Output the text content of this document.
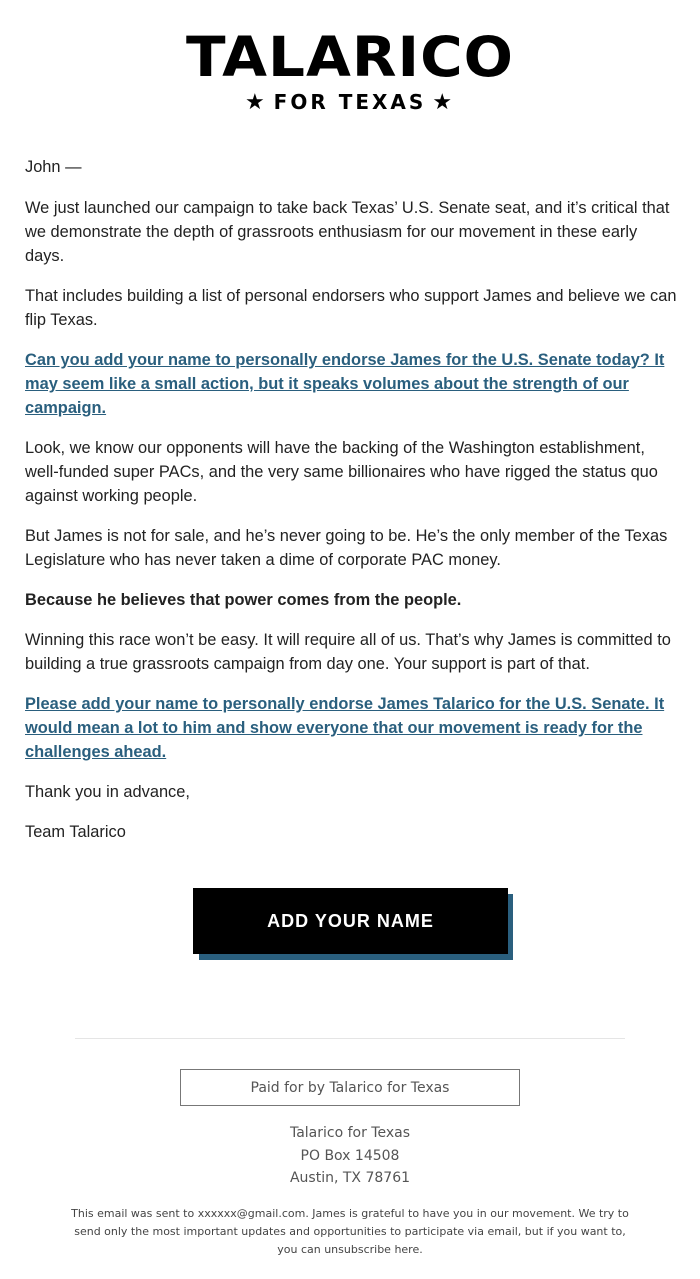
TALARICO
★ FOR TEXAS ★

John —

We just launched our campaign to take back Texas’ U.S. Senate seat, and it’s critical that we demonstrate the depth of grassroots enthusiasm for our movement in these early days.

That includes building a list of personal endorsers who support James and believe we can flip Texas.

Can you add your name to personally endorse James for the U.S. Senate today? It may seem like a small action, but it speaks volumes about the strength of our campaign.

Look, we know our opponents will have the backing of the Washington establishment, well-funded super PACs, and the very same billionaires who have rigged the status quo against working people.

But James is not for sale, and he’s never going to be. He’s the only member of the Texas Legislature who has never taken a dime of corporate PAC money.

Because he believes that power comes from the people.

Winning this race won’t be easy. It will require all of us. That’s why James is committed to building a true grassroots campaign from day one. Your support is part of that.

Please add your name to personally endorse James Talarico for the U.S. Senate. It would mean a lot to him and show everyone that our movement is ready for the challenges ahead.

Thank you in advance,

Team Talarico

ADD YOUR NAME
Paid for by Talarico for Texas
Talarico for Texas
PO Box 14508
Austin, TX 78761
This email was sent to xxxxxx@gmail.com. James is grateful to have you in our movement. We try to send only the most important updates and opportunities to participate via email, but if you want to, you can unsubscribe here.
